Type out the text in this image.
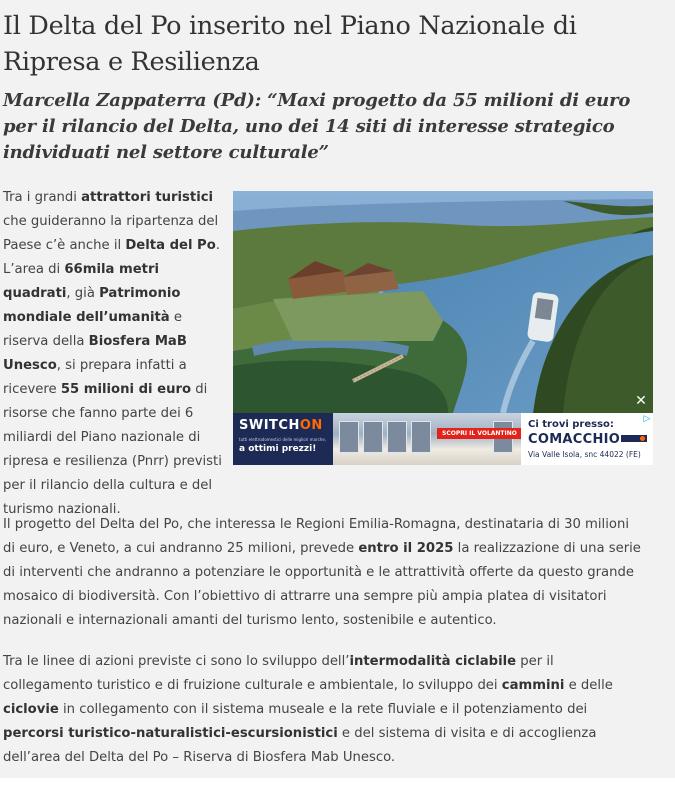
Il Delta del Po inserito nel Piano Nazionale di Ripresa e Resilienza
Marcella Zappaterra (Pd): “Maxi progetto da 55 milioni di euro per il rilancio del Delta, uno dei 14 siti di interesse strategico individuati nel settore culturale”

Tra i grandi attrattori turistici che guideranno la ripartenza del Paese c’è anche il Delta del Po. L’area di 66mila metri quadrati, già Patrimonio mondiale dell’umanità e riserva della Biosfera MaB Unesco, si prepara infatti a ricevere 55 milioni di euro di risorse che fanno parte dei 6 miliardi del Piano nazionale di ripresa e resilienza (Pnrr) previsti per il rilancio della cultura e del turismo nazionali.

SWITCHON
tutti elettrodomestici delle migliori marche,
a ottimi prezzi!
SCOPRI IL VOLANTINO
Ci trovi presso:
COMACCHIO
Via Valle Isola, snc 44022 (FE)
▷
✕

Il progetto del Delta del Po, che interessa le Regioni Emilia-Romagna, destinataria di 30 milioni di euro, e Veneto, a cui andranno 25 milioni, prevede entro il 2025 la realizzazione di una serie di interventi che andranno a potenziare le opportunità e le attrattività offerte da questo grande mosaico di biodiversità. Con l’obiettivo di attrarre una sempre più ampia platea di visitatori nazionali e internazionali amanti del turismo lento, sostenibile e autentico.

Tra le linee di azioni previste ci sono lo sviluppo dell’intermodalità ciclabile per il collegamento turistico e di fruizione culturale e ambientale, lo sviluppo dei cammini e delle ciclovie in collegamento con il sistema museale e la rete fluviale e il potenziamento dei percorsi turistico-naturalistici-escursionistici e del sistema di visita e di accoglienza dell’area del Delta del Po – Riserva di Biosfera Mab Unesco.
